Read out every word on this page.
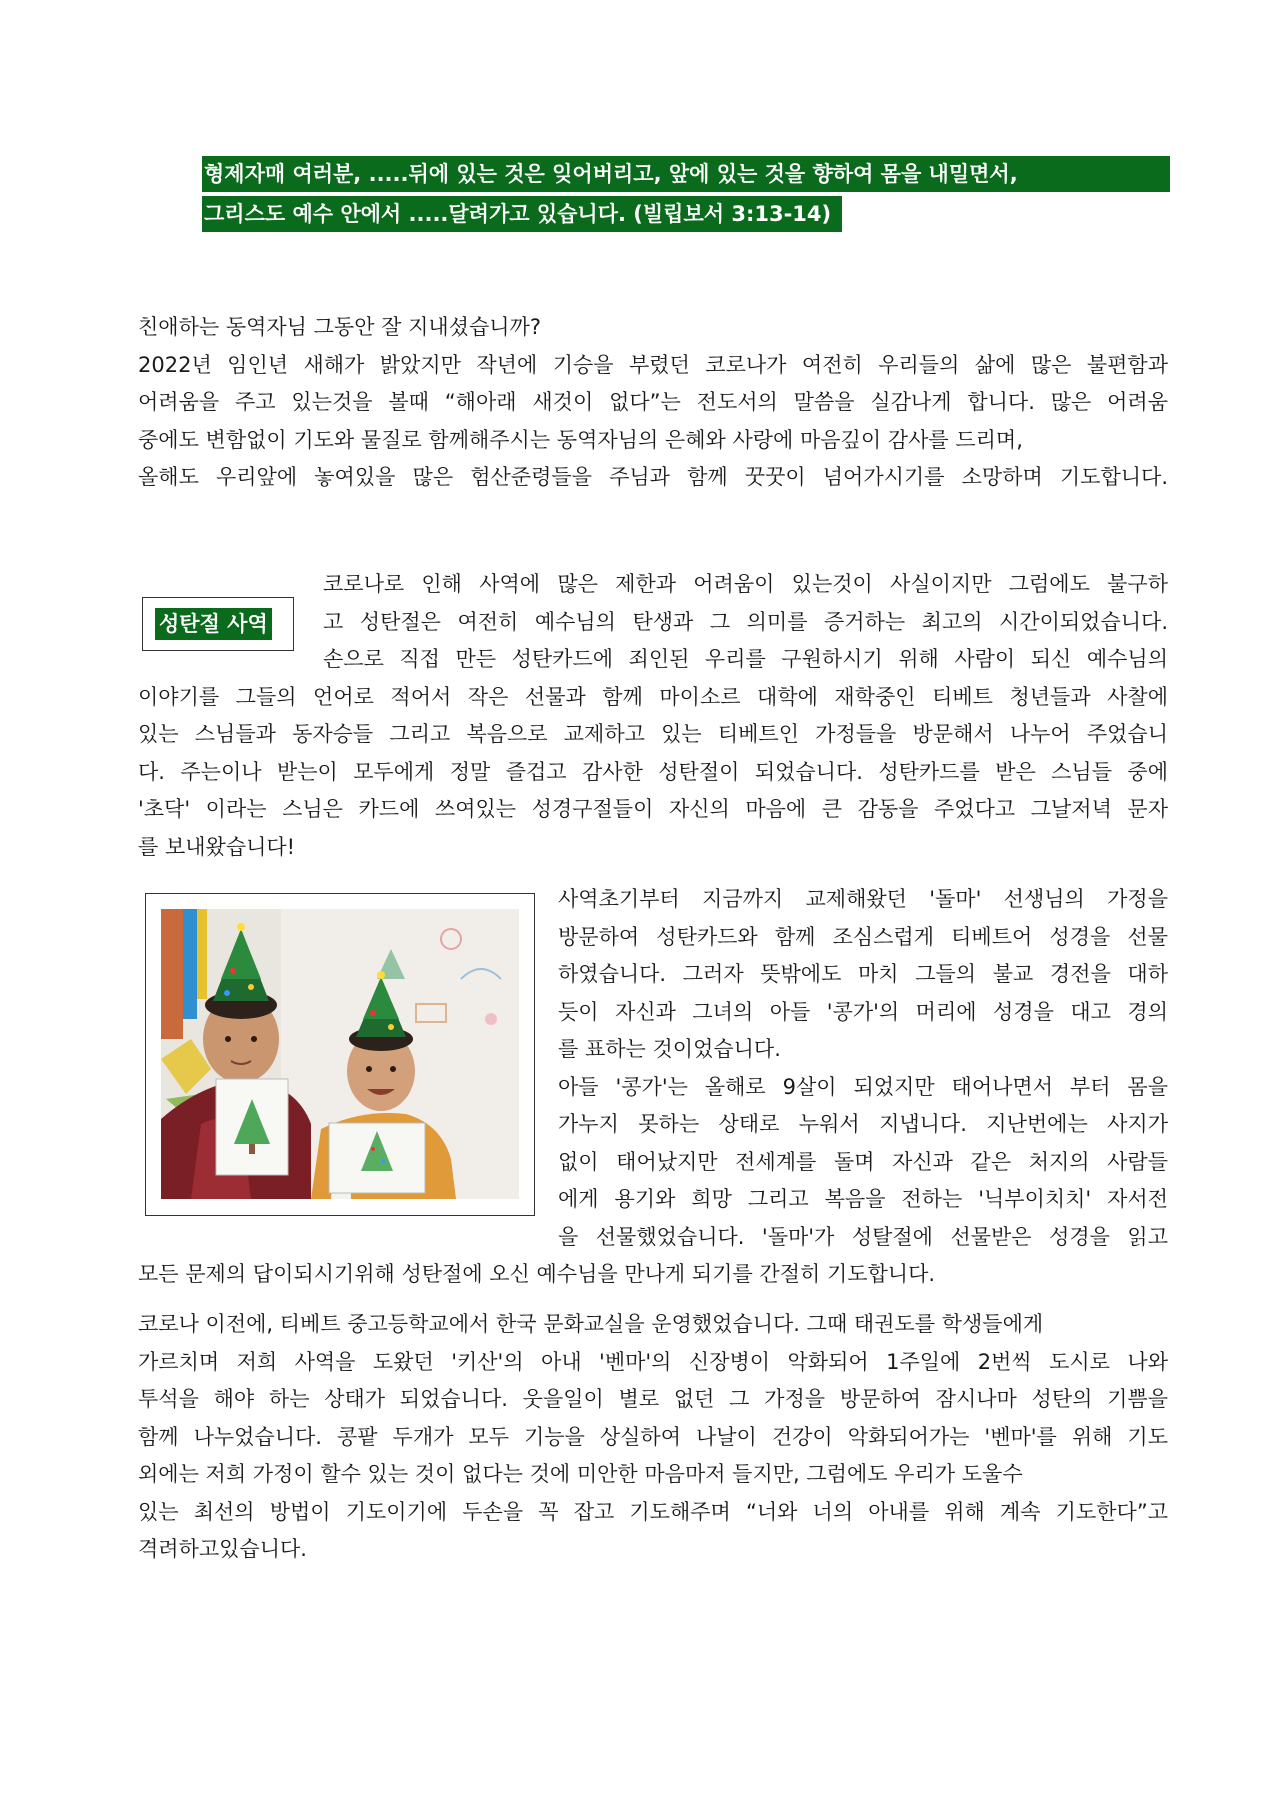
형제자매 여러분, .....뒤에 있는 것은 잊어버리고, 앞에 있는 것을 향하여 몸을 내밀면서,
그리스도 예수 안에서 .....달려가고 있습니다. (빌립보서 3:13-14)
친애하는 동역자님 그동안 잘 지내셨습니까?
2022년 임인년 새해가 밝았지만 작년에 기승을 부렸던 코로나가 여전히 우리들의 삶에 많은 불편함과
어려움을 주고 있는것을 볼때 “해아래 새것이 없다”는 전도서의 말씀을 실감나게 합니다. 많은 어려움
중에도 변함없이 기도와 물질로 함께해주시는 동역자님의 은혜와 사랑에 마음깊이 감사를 드리며,
올해도 우리앞에 놓여있을 많은 험산준령들을 주님과 함께 꿋꿋이 넘어가시기를 소망하며 기도합니다.
성탄절 사역
코로나로 인해 사역에 많은 제한과 어려움이 있는것이 사실이지만 그럼에도 불구하
고 성탄절은 여전히 예수님의 탄생과 그 의미를 증거하는 최고의 시간이되었습니다.
손으로 직접 만든 성탄카드에 죄인된 우리를 구원하시기 위해 사람이 되신 예수님의
이야기를 그들의 언어로 적어서 작은 선물과 함께 마이소르 대학에 재학중인 티베트 청년들과 사찰에
있는 스님들과 동자승들 그리고 복음으로 교제하고 있는 티베트인 가정들을 방문해서 나누어 주었습니
다. 주는이나 받는이 모두에게 정말 즐겁고 감사한 성탄절이 되었습니다. 성탄카드를 받은 스님들 중에
'초닥' 이라는 스님은 카드에 쓰여있는 성경구절들이 자신의 마음에 큰 감동을 주었다고 그날저녁 문자
를 보내왔습니다!
사역초기부터 지금까지 교제해왔던 '돌마' 선생님의 가정을
방문하여 성탄카드와 함께 조심스럽게 티베트어 성경을 선물
하였습니다. 그러자 뜻밖에도 마치 그들의 불교 경전을 대하
듯이 자신과 그녀의 아들 '콩가'의 머리에 성경을 대고 경의
를 표하는 것이었습니다.
아들 '콩가'는 올해로 9살이 되었지만 태어나면서 부터 몸을
가누지 못하는 상태로 누워서 지냅니다. 지난번에는 사지가
없이 태어났지만 전세계를 돌며 자신과 같은 처지의 사람들
에게 용기와 희망 그리고 복음을 전하는 '닉부이치치' 자서전
을 선물했었습니다. '돌마'가 성탈절에 선물받은 성경을 읽고
모든 문제의 답이되시기위해 성탄절에 오신 예수님을 만나게 되기를 간절히 기도합니다.
코로나 이전에, 티베트 중고등학교에서 한국 문화교실을 운영했었습니다. 그때 태권도를 학생들에게
가르치며 저희 사역을 도왔던 '키산'의 아내 '벤마'의 신장병이 악화되어 1주일에 2번씩 도시로 나와
투석을 해야 하는 상태가 되었습니다. 웃을일이 별로 없던 그 가정을 방문하여 잠시나마 성탄의 기쁨을
함께 나누었습니다. 콩팥 두개가 모두 기능을 상실하여 나날이 건강이 악화되어가는 '벤마'를 위해 기도
외에는 저희 가정이 할수 있는 것이 없다는 것에 미안한 마음마저 들지만, 그럼에도 우리가 도울수
있는 최선의 방법이 기도이기에 두손을 꼭 잡고 기도해주며 “너와 너의 아내를 위해 계속 기도한다”고
격려하고있습니다.
